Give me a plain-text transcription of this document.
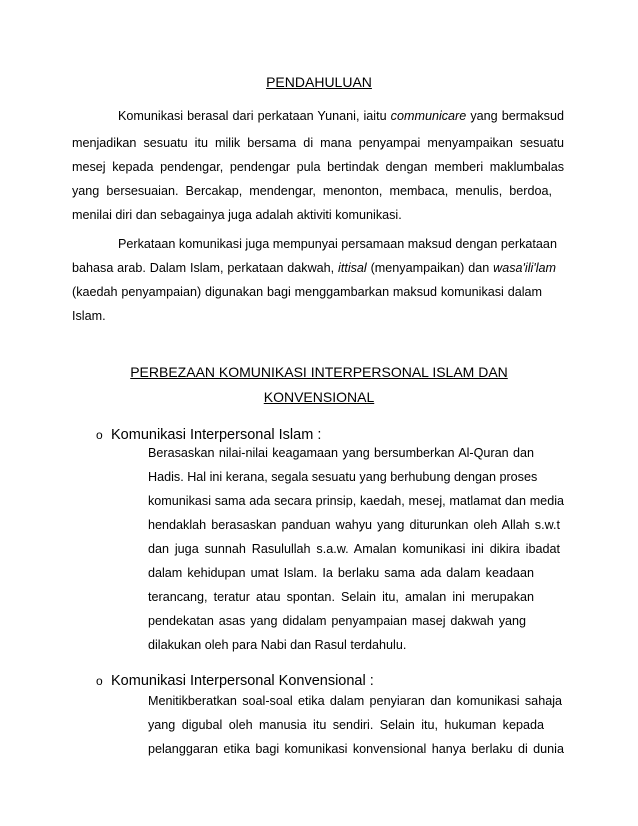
PENDAHULUAN
Komunikasi berasal dari perkataan Yunani, iaitu communicare yang bermaksud
menjadikan sesuatu itu milik bersama di mana penyampai menyampaikan sesuatu
mesej kepada pendengar, pendengar pula bertindak dengan memberi maklumbalas
yang bersesuaian. Bercakap, mendengar, menonton, membaca, menulis, berdoa,
menilai diri dan sebagainya juga adalah aktiviti komunikasi.
Perkataan komunikasi juga mempunyai persamaan maksud dengan perkataan
bahasa arab. Dalam Islam, perkataan dakwah, ittisal (menyampaikan) dan wasa'ili'lam
(kaedah penyampaian) digunakan bagi menggambarkan maksud komunikasi dalam
Islam.
PERBEZAAN KOMUNIKASI INTERPERSONAL ISLAM DAN
KONVENSIONAL
o Komunikasi Interpersonal Islam :
Berasaskan nilai-nilai keagamaan yang bersumberkan Al-Quran dan
Hadis. Hal ini kerana, segala sesuatu yang berhubung dengan proses
komunikasi sama ada secara prinsip, kaedah, mesej, matlamat dan media
hendaklah berasaskan panduan wahyu yang diturunkan oleh Allah s.w.t
dan juga sunnah Rasulullah s.a.w. Amalan komunikasi ini dikira ibadat
dalam kehidupan umat Islam. Ia berlaku sama ada dalam keadaan
terancang, teratur atau spontan. Selain itu, amalan ini merupakan
pendekatan asas yang didalam penyampaian masej dakwah yang
dilakukan oleh para Nabi dan Rasul terdahulu.
o Komunikasi Interpersonal Konvensional :
Menitikberatkan soal-soal etika dalam penyiaran dan komunikasi sahaja
yang digubal oleh manusia itu sendiri. Selain itu, hukuman kepada
pelanggaran etika bagi komunikasi konvensional hanya berlaku di dunia
